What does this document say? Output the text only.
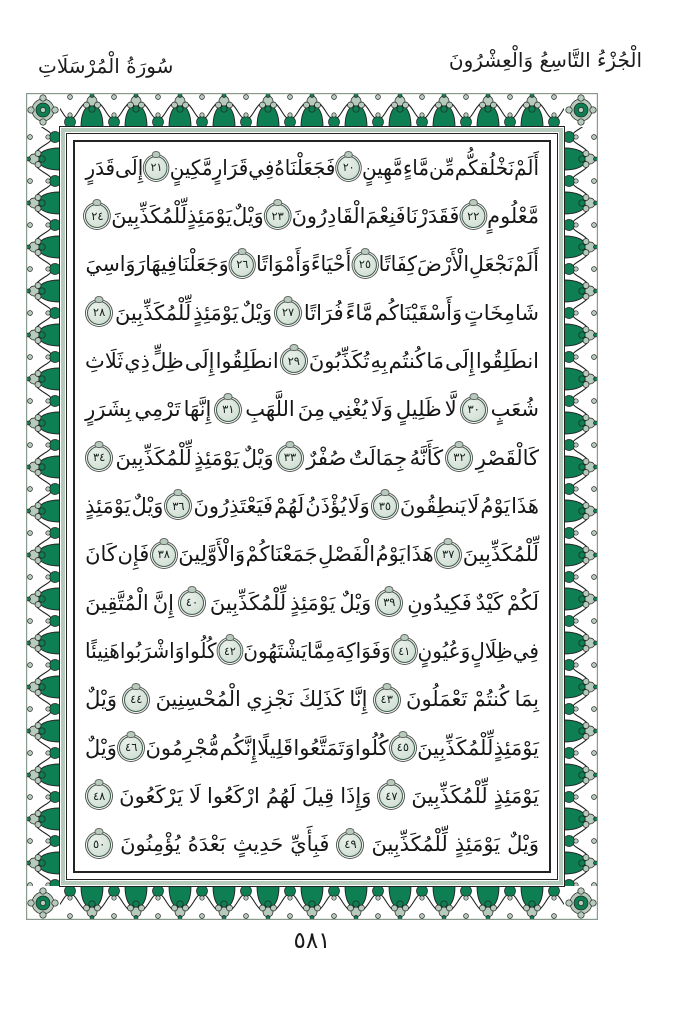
الْجُزْءُ التَّاسِعُ وَالْعِشْرُونَ
سُورَةُ الْمُرْسَلَاتِ
أَلَمْ
نَخْلُقكُّم
مِّن
مَّاءٍ
مَّهِينٍ
٢٠
فَجَعَلْنَاهُ
فِي
قَرَارٍ
مَّكِينٍ
٢١
إِلَى
قَدَرٍ
مَّعْلُومٍ
٢٢
فَقَدَرْنَا
فَنِعْمَ
الْقَادِرُونَ
٢٣
وَيْلٌ
يَوْمَئِذٍ
لِّلْمُكَذِّبِينَ
٢٤
أَلَمْ
نَجْعَلِ
الْأَرْضَ
كِفَاتًا
٢٥
أَحْيَاءً
وَأَمْوَاتًا
٢٦
وَجَعَلْنَا
فِيهَا
رَوَاسِيَ
شَامِخَاتٍ
وَأَسْقَيْنَاكُم
مَّاءً
فُرَاتًا
٢٧
وَيْلٌ
يَوْمَئِذٍ
لِّلْمُكَذِّبِينَ
٢٨
انطَلِقُوا
إِلَى
مَا
كُنتُم
بِهِ
تُكَذِّبُونَ
٢٩
انطَلِقُوا
إِلَى
ظِلٍّ
ذِي
ثَلَاثِ
شُعَبٍ
٣٠
لَّا
ظَلِيلٍ
وَلَا
يُغْنِي
مِنَ
اللَّهَبِ
٣١
إِنَّهَا
تَرْمِي
بِشَرَرٍ
كَالْقَصْرِ
٣٢
كَأَنَّهُ
جِمَالَتٌ
صُفْرٌ
٣٣
وَيْلٌ
يَوْمَئِذٍ
لِّلْمُكَذِّبِينَ
٣٤
هَذَا
يَوْمُ
لَا
يَنطِقُونَ
٣٥
وَلَا
يُؤْذَنُ
لَهُمْ
فَيَعْتَذِرُونَ
٣٦
وَيْلٌ
يَوْمَئِذٍ
لِّلْمُكَذِّبِينَ
٣٧
هَذَا
يَوْمُ
الْفَصْلِ
جَمَعْنَاكُمْ
وَالْأَوَّلِينَ
٣٨
فَإِن
كَانَ
لَكُمْ
كَيْدٌ
فَكِيدُونِ
٣٩
وَيْلٌ
يَوْمَئِذٍ
لِّلْمُكَذِّبِينَ
٤٠
إِنَّ
الْمُتَّقِينَ
فِي
ظِلَالٍ
وَعُيُونٍ
٤١
وَفَوَاكِهَ
مِمَّا
يَشْتَهُونَ
٤٢
كُلُوا
وَاشْرَبُوا
هَنِيئًا
بِمَا
كُنتُمْ
تَعْمَلُونَ
٤٣
إِنَّا
كَذَلِكَ
نَجْزِي
الْمُحْسِنِينَ
٤٤
وَيْلٌ
يَوْمَئِذٍ
لِّلْمُكَذِّبِينَ
٤٥
كُلُوا
وَتَمَتَّعُوا
قَلِيلًا
إِنَّكُم
مُّجْرِمُونَ
٤٦
وَيْلٌ
يَوْمَئِذٍ
لِّلْمُكَذِّبِينَ
٤٧
وَإِذَا
قِيلَ
لَهُمُ
ارْكَعُوا
لَا
يَرْكَعُونَ
٤٨
وَيْلٌ
يَوْمَئِذٍ
لِّلْمُكَذِّبِينَ
٤٩
فَبِأَيِّ
حَدِيثٍ
بَعْدَهُ
يُؤْمِنُونَ
٥٠
٥٨١
